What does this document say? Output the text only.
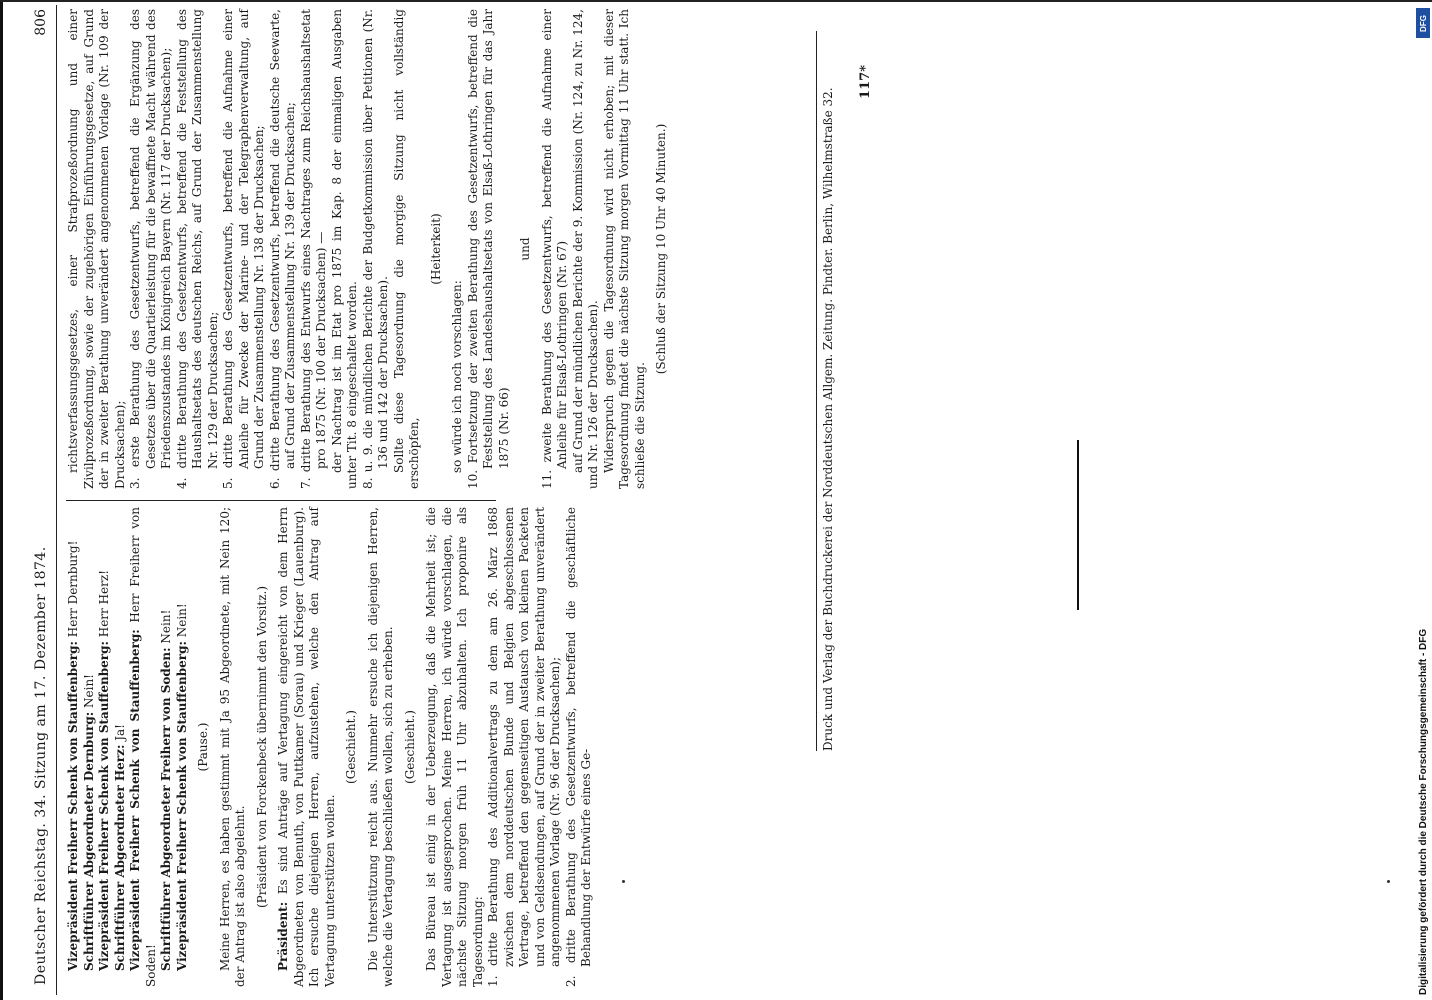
Deutscher Reichstag. 34. Sitzung am 17. Dezember 1874.
806

Vizepräsident Freiherr Schenk von Stauffenberg: Herr Dernburg!

Schriftführer Abgeordneter Dernburg: Nein! Vizepräsident Freiherr Schenk von Stauffenberg: Herr Herz!

Schriftführer Abgeordneter Herz: Ja! Vizepräsident Freiherr Schenk von Stauffenberg: Herr Freiherr von Soden! Schriftführer Abgeordneter Freiherr von Soden: Nein!

Vizepräsident Freiherr Schenk von Stauffenberg: Nein!

(Pause.) Meine Herren, es haben gestimmt mit Ja 95 Abgeordnete, mit Nein 120; der Antrag ist also abgelehnt. (Präsident von Forckenbeck übernimmt den Vorsitz.)

Präsident: Es sind Anträge auf Vertagung eingereicht von dem Herrn Abgeordneten von Benuth, von Puttkamer (Sorau) und Krieger (Lauenburg). Ich ersuche diejenigen Herren, aufzustehen, welche den Antrag auf Vertagung unterstützen wollen.

(Geschieht.) Die Unterstützung reicht aus. Nunmehr ersuche ich diejenigen Herren, welche die Vertagung beschließen wollen, sich zu erheben. (Geschieht.) Das Büreau ist einig in der Ueberzeugung, daß die Mehrheit ist; die Vertagung ist ausgesprochen. Meine Herren, ich würde vorschlagen, die nächste Sitzung morgen früh 11 Uhr abzuhalten. Ich proponire als Tagesordnung: 1. dritte Berathung des Additionalvertrags zu dem am 26. März 1868 zwischen dem norddeutschen Bunde und Belgien abgeschlossenen Vertrage, betreffend den gegenseitigen Austausch von kleinen Packeten und von Geldsendungen, auf Grund der in zweiter Berathung unverändert angenommenen Vorlage (Nr. 96 der Drucksachen);

2. dritte Berathung des Gesetzentwurfs, betreffend die geschäftliche Behandlung der Entwürfe eines Ge-

richtsverfassungsgesetzes, einer Strafprozeßordnung und einer Zivilprozeßordnung, sowie der zugehörigen Einführungsgesetze, auf Grund der in zweiter Berathung unverändert angenommenen Vorlage (Nr. 109 der Drucksachen); 3. erste Berathung des Gesetzentwurfs, betreffend die Ergänzung des Gesetzes über die Quartierleistung für die bewaffnete Macht während des Friedenszustandes im Königreich Bayern (Nr. 117 der Drucksachen);

4. dritte Berathung des Gesetzentwurfs, betreffend die Feststellung des Haushaltsetats des deutschen Reichs, auf Grund der Zusammenstellung Nr. 129 der Drucksachen;

5. dritte Berathung des Gesetzentwurfs, betreffend die Aufnahme einer Anleihe für Zwecke der Marine- und der Telegraphenverwaltung, auf Grund der Zusammenstellung Nr. 138 der Drucksachen;

6. dritte Berathung des Gesetzentwurfs, betreffend die deutsche Seewarte, auf Grund der Zusammenstellung Nr. 139 der Drucksachen;

7. dritte Berathung des Entwurfs eines Nachtrages zum Reichshaushaltsetat pro 1875 (Nr. 100 der Drucksachen) — der Nachtrag ist im Etat pro 1875 im Kap. 8 der einmaligen Ausgaben unter Tit. 8 eingeschaltet worden. 8. u. 9. die mündlichen Berichte der Budgetkommission über Petitionen (Nr. 136 und 142 der Drucksachen). Sollte diese Tagesordnung die morgige Sitzung nicht vollständig erschöpfen,

(Heiterkeit)

so würde ich noch vorschlagen:

10. Fortsetzung der zweiten Berathung des Gesetzentwurfs, betreffend die Feststellung des Landeshaushaltsetats von Elsaß-Lothringen für das Jahr 1875 (Nr. 66)

und

11. zweite Berathung des Gesetzentwurfs, betreffend die Aufnahme einer Anleihe für Elsaß-Lothringen (Nr. 67) auf Grund der mündlichen Berichte der 9. Kommission (Nr. 124, zu Nr. 124, und Nr. 126 der Drucksachen). Widerspruch gegen die Tagesordnung wird nicht erhoben; mit dieser Tagesordnung findet die nächste Sitzung morgen Vormittag 11 Uhr statt. Ich schließe die Sitzung.

(Schluß der Sitzung 10 Uhr 40 Minuten.)	Druck und Verlag der Buchdruckerei der Norddeutschen Allgem. Zeitung. Pindter. Berlin, Wilhelmstraße 32.
117*
DFG
Digitalisierung gefördert durch die Deutsche Forschungsgemeinschaft - DFG
